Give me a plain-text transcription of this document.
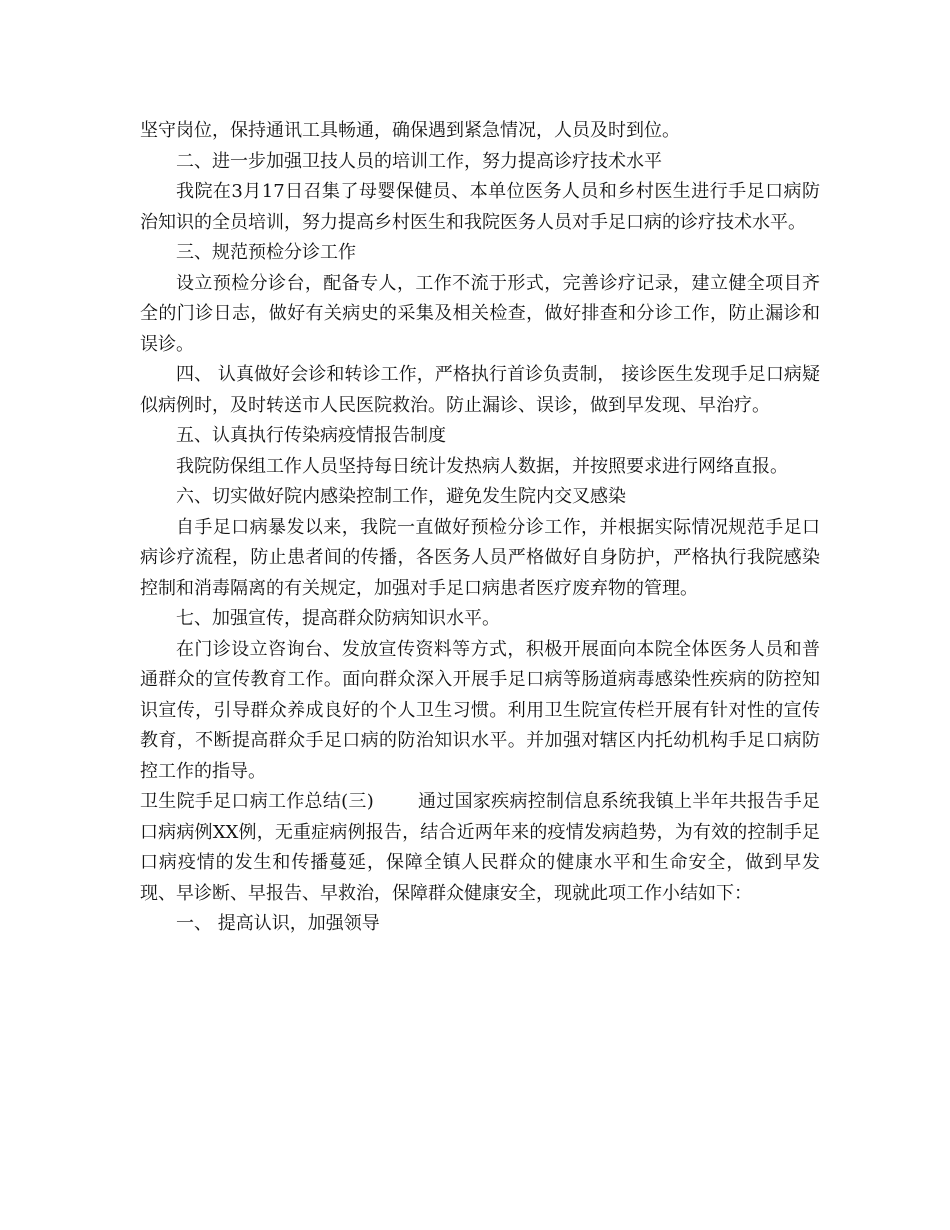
坚守岗位，保持通讯工具畅通，确保遇到紧急情况，人员及时到位。

二、进一步加强卫技人员的培训工作，努力提高诊疗技术水平

我院在3月17日召集了母婴保健员、本单位医务人员和乡村医生进行手足口病防治知识的全员培训，努力提高乡村医生和我院医务人员对手足口病的诊疗技术水平。

三、规范预检分诊工作

设立预检分诊台，配备专人，工作不流于形式，完善诊疗记录，建立健全项目齐全的门诊日志，做好有关病史的采集及相关检查，做好排查和分诊工作，防止漏诊和误诊。

四、 认真做好会诊和转诊工作，严格执行首诊负责制， 接诊医生发现手足口病疑似病例时，及时转送市人民医院救治。防止漏诊、误诊，做到早发现、早治疗。

五、认真执行传染病疫情报告制度

我院防保组工作人员坚持每日统计发热病人数据，并按照要求进行网络直报。

六、切实做好院内感染控制工作，避免发生院内交叉感染

自手足口病暴发以来，我院一直做好预检分诊工作，并根据实际情况规范手足口病诊疗流程，防止患者间的传播，各医务人员严格做好自身防护，严格执行我院感染控制和消毒隔离的有关规定，加强对手足口病患者医疗废弃物的管理。

七、加强宣传，提高群众防病知识水平。

在门诊设立咨询台、发放宣传资料等方式，积极开展面向本院全体医务人员和普通群众的宣传教育工作。面向群众深入开展手足口病等肠道病毒感染性疾病的防控知识宣传，引导群众养成良好的个人卫生习惯。利用卫生院宣传栏开展有针对性的宣传教育，不断提高群众手足口病的防治知识水平。并加强对辖区内托幼机构手足口病防控工作的指导。

卫生院手足口病工作总结(三) 通过国家疾病控制信息系统我镇上半年共报告手足口病病例XX例，无重症病例报告，结合近两年来的疫情发病趋势，为有效的控制手足口病疫情的发生和传播蔓延，保障全镇人民群众的健康水平和生命安全，做到早发现、早诊断、早报告、早救治，保障群众健康安全，现就此项工作小结如下：

一、 提高认识，加强领导
